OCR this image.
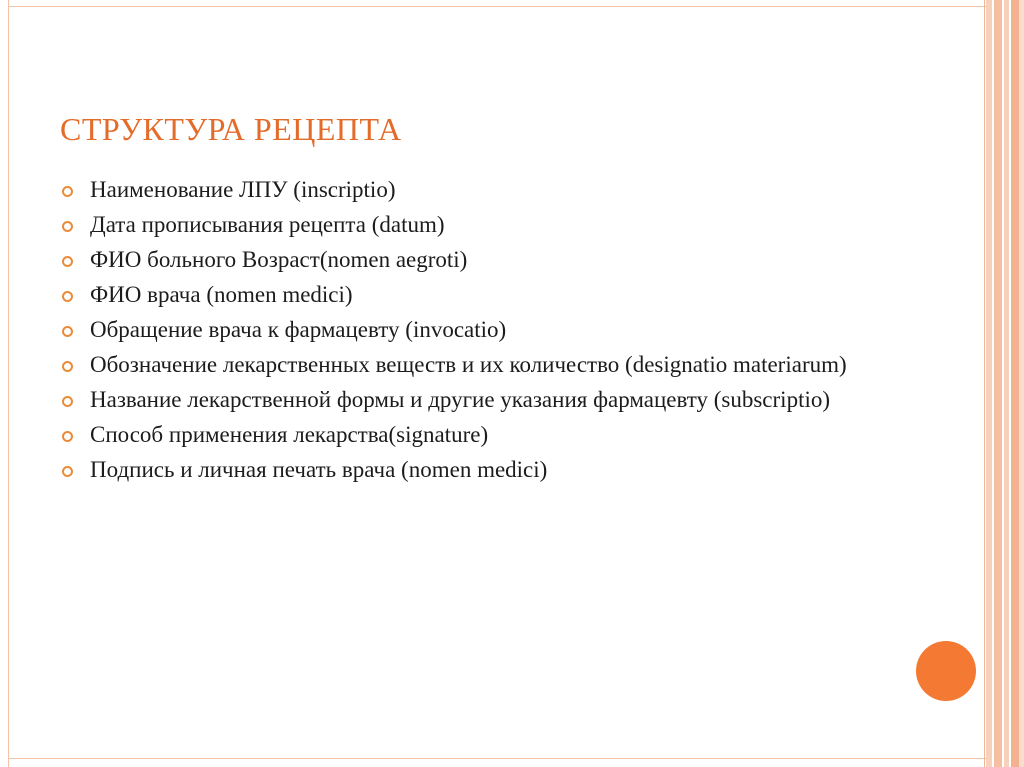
СТРУКТУРА РЕЦЕПТА
Наименование ЛПУ (inscriptio)
Дата прописывания рецепта (datum)
ФИО больного Возраст(nomen aegroti)
ФИО врача (nomen medici)
Обращение врача к фармацевту (invocatio)
Обозначение лекарственных веществ и их количество (designatio materiarum)
Название лекарственной формы и другие указания фармацевту (subscriptio)
Способ применения лекарства(signature)
Подпись и личная печать врача (nomen medici)
